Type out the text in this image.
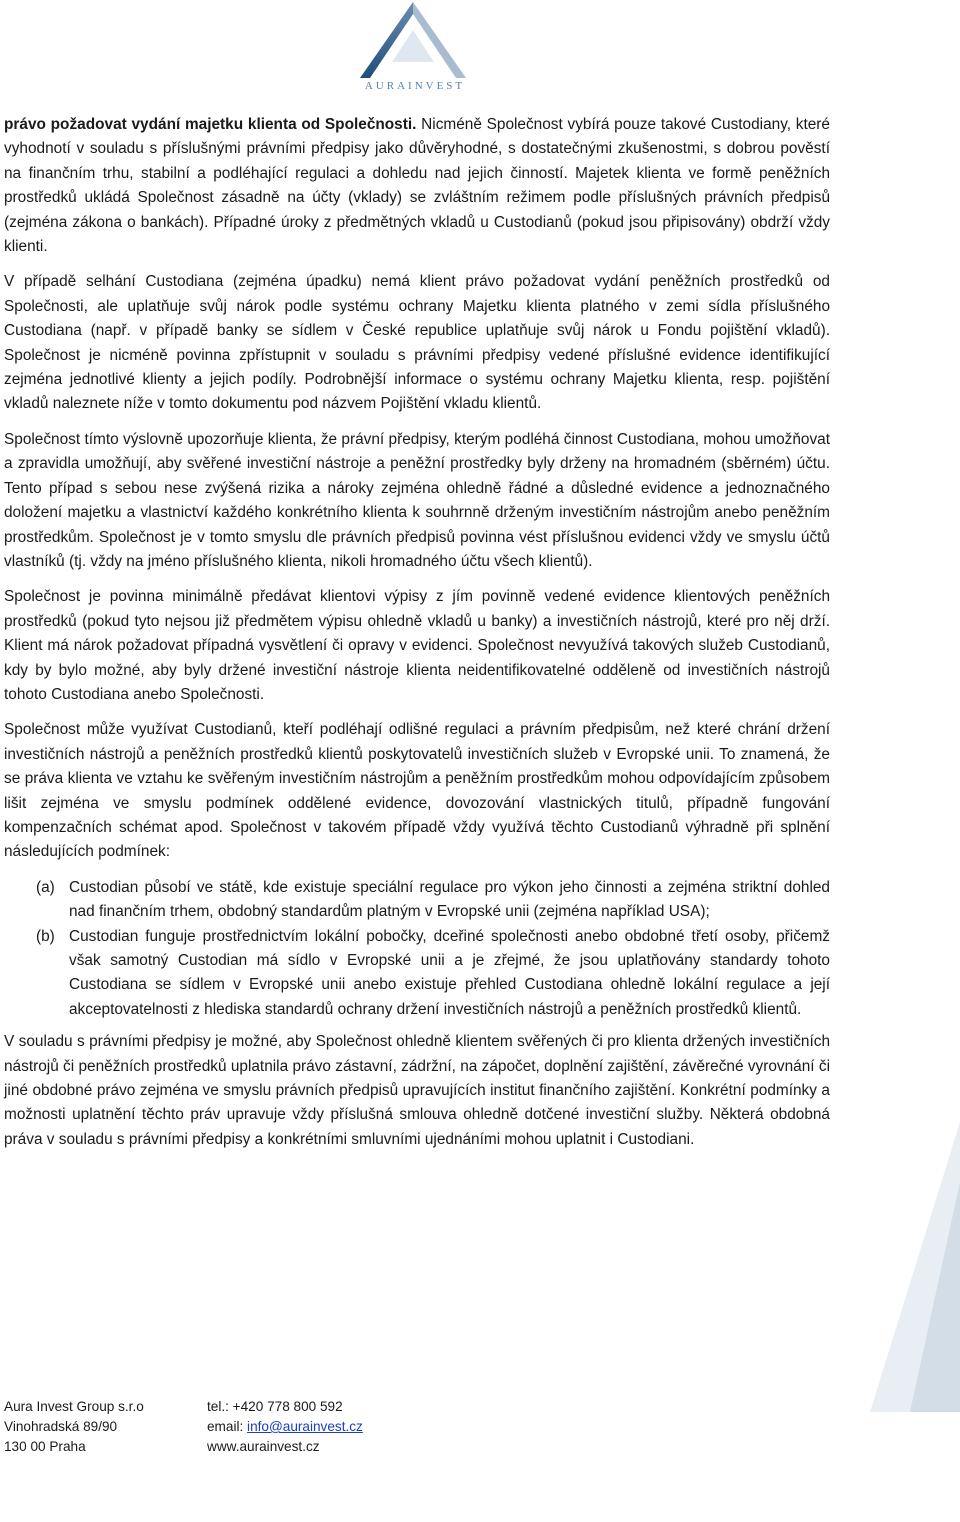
AURAINVEST

právo požadovat vydání majetku klienta od Společnosti. Nicméně Společnost vybírá pouze takové Custodiany, které vyhodnotí v souladu s příslušnými právními předpisy jako důvěryhodné, s dostatečnými zkušenostmi, s dobrou pověstí na finančním trhu, stabilní a podléhající regulaci a dohledu nad jejich činností. Majetek klienta ve formě peněžních prostředků ukládá Společnost zásadně na účty (vklady) se zvláštním režimem podle příslušných právních předpisů (zejména zákona o bankách). Případné úroky z předmětných vkladů u Custodianů (pokud jsou připisovány) obdrží vždy klienti.

V případě selhání Custodiana (zejména úpadku) nemá klient právo požadovat vydání peněžních prostředků od Společnosti, ale uplatňuje svůj nárok podle systému ochrany Majetku klienta platného v zemi sídla příslušného Custodiana (např. v případě banky se sídlem v České republice uplatňuje svůj nárok u Fondu pojištění vkladů). Společnost je nicméně povinna zpřístupnit v souladu s právními předpisy vedené příslušné evidence identifikující zejména jednotlivé klienty a jejich podíly. Podrobnější informace o systému ochrany Majetku klienta, resp. pojištění vkladů naleznete níže v tomto dokumentu pod názvem Pojištění vkladu klientů.

Společnost tímto výslovně upozorňuje klienta, že právní předpisy, kterým podléhá činnost Custodiana, mohou umožňovat a zpravidla umožňují, aby svěřené investiční nástroje a peněžní prostředky byly drženy na hromadném (sběrném) účtu. Tento případ s sebou nese zvýšená rizika a nároky zejména ohledně řádné a důsledné evidence a jednoznačného doložení majetku a vlastnictví každého konkrétního klienta k souhrnně drženým investičním nástrojům anebo peněžním prostředkům. Společnost je v tomto smyslu dle právních předpisů povinna vést příslušnou evidenci vždy ve smyslu účtů vlastníků (tj. vždy na jméno příslušného klienta, nikoli hromadného účtu všech klientů).

Společnost je povinna minimálně předávat klientovi výpisy z jím povinně vedené evidence klientových peněžních prostředků (pokud tyto nejsou již předmětem výpisu ohledně vkladů u banky) a investičních nástrojů, které pro něj drží. Klient má nárok požadovat případná vysvětlení či opravy v evidenci. Společnost nevyužívá takových služeb Custodianů, kdy by bylo možné, aby byly držené investiční nástroje klienta neidentifikovatelné odděleně od investičních nástrojů tohoto Custodiana anebo Společnosti.

Společnost může využívat Custodianů, kteří podléhají odlišné regulaci a právním předpisům, než které chrání držení investičních nástrojů a peněžních prostředků klientů poskytovatelů investičních služeb v Evropské unii. To znamená, že se práva klienta ve vztahu ke svěřeným investičním nástrojům a peněžním prostředkům mohou odpovídajícím způsobem lišit zejména ve smyslu podmínek oddělené evidence, dovozování vlastnických titulů, případně fungování kompenzačních schémat apod. Společnost v takovém případě vždy využívá těchto Custodianů výhradně při splnění následujících podmínek:

(a) Custodian působí ve státě, kde existuje speciální regulace pro výkon jeho činnosti a zejména striktní dohled nad finančním trhem, obdobný standardům platným v Evropské unii (zejména například USA);
(b) Custodian funguje prostřednictvím lokální pobočky, dceřiné společnosti anebo obdobné třetí osoby, přičemž však samotný Custodian má sídlo v Evropské unii a je zřejmé, že jsou uplatňovány standardy tohoto Custodiana se sídlem v Evropské unii anebo existuje přehled Custodiana ohledně lokální regulace a její akceptovatelnosti z hlediska standardů ochrany držení investičních nástrojů a peněžních prostředků klientů.

V souladu s právními předpisy je možné, aby Společnost ohledně klientem svěřených či pro klienta držených investičních nástrojů či peněžních prostředků uplatnila právo zástavní, zádržní, na zápočet, doplnění zajištění, závěrečné vyrovnání či jiné obdobné právo zejména ve smyslu právních předpisů upravujících institut finančního zajištění. Konkrétní podmínky a možnosti uplatnění těchto práv upravuje vždy příslušná smlouva ohledně dotčené investiční služby. Některá obdobná práva v souladu s právními předpisy a konkrétními smluvními ujednáními mohou uplatnit i Custodiani.

Aura Invest Group s.r.o
Vinohradská 89/90
130 00 Praha
tel.: +420 778 800 592
email: info@aurainvest.cz
www.aurainvest.cz
